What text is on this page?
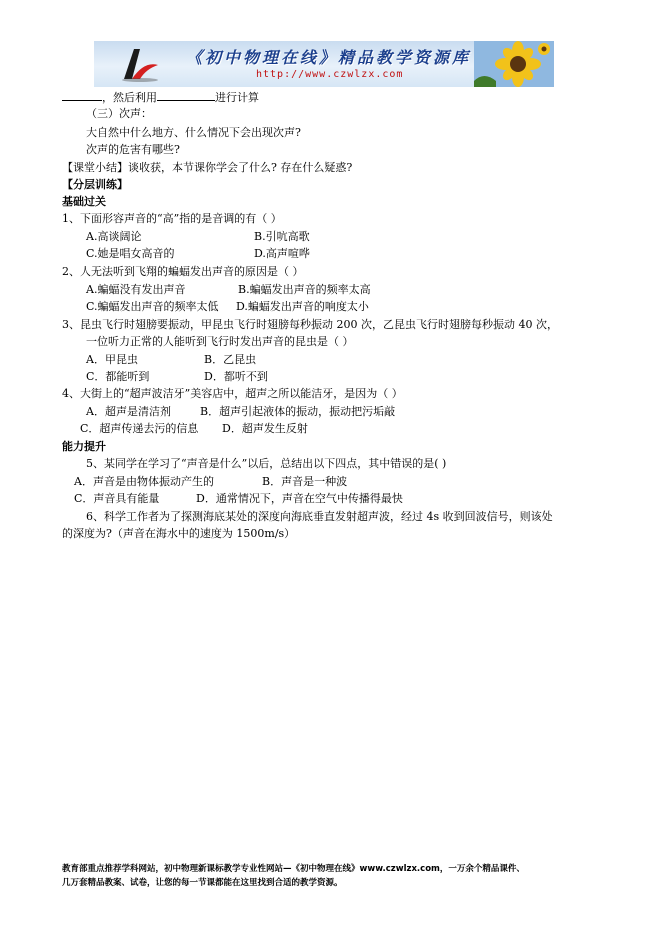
《初中物理在线》精品教学资源库
http://www.czwlzx.com
，然后利用	进行计算
（三）次声：
大自然中什么地方、什么情况下会出现次声?
次声的危害有哪些?
【课堂小结】谈收获，本节课你学会了什么? 存在什么疑惑?
【分层训练】
基础过关
1、下面形容声音的“高”指的是音调的有（ ）
A.高谈阔论	B.引吭高歌
C.她是唱女高音的	D.高声喧哗
2、人无法听到飞翔的蝙蝠发出声音的原因是（ ）
A.蝙蝠没有发出声音	B.蝙蝠发出声音的频率太高
C.蝙蝠发出声音的频率太低 D.蝙蝠发出声音的响度太小
3、昆虫飞行时翅膀要振动，甲昆虫飞行时翅膀每秒振动 200 次，乙昆虫飞行时翅膀每秒振动 40 次，
一位听力正常的人能听到飞行时发出声音的昆虫是（ ）
A．甲昆虫	B．乙昆虫
C．都能听到	D．都听不到
4、大街上的“超声波洁牙”美容店中，超声之所以能洁牙，是因为（ ）
A．超声是清洁剂	B．超声引起液体的振动，振动把污垢敲
C．超声传递去污的信息 D．超声发生反射
能力提升
5、某同学在学习了“声音是什么”以后，总结出以下四点，其中错误的是( )
A．声音是由物体振动产生的	B．声音是一种波
C．声音具有能量	D．通常情况下，声音在空气中传播得最快
6、科学工作者为了探测海底某处的深度向海底垂直发射超声波，经过 4s 收到回波信号，则该处
的深度为?（声音在海水中的速度为 1500m/s）
教育部重点推荐学科网站，初中物理新课标教学专业性网站—《初中物理在线》www.czwlzx.com，一万余个精品课件、
几万套精品教案、试卷，让您的每一节课都能在这里找到合适的教学资源。
